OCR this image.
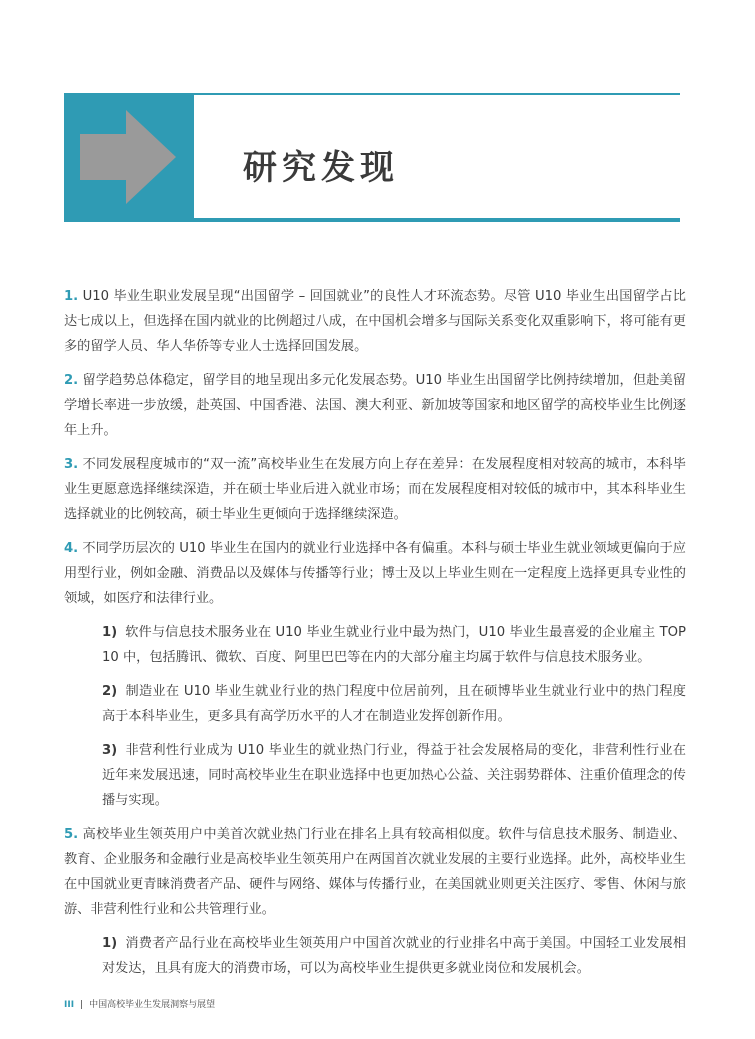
研究发现

1. U10 毕业生职业发展呈现“出国留学 – 回国就业”的良性人才环流态势。尽管 U10 毕业生出国留学占比达七成以上，但选择在国内就业的比例超过八成，在中国机会增多与国际关系变化双重影响下，将可能有更多的留学人员、华人华侨等专业人士选择回国发展。

2. 留学趋势总体稳定，留学目的地呈现出多元化发展态势。U10 毕业生出国留学比例持续增加，但赴美留学增长率进一步放缓，赴英国、中国香港、法国、澳大利亚、新加坡等国家和地区留学的高校毕业生比例逐年上升。

3. 不同发展程度城市的“双一流”高校毕业生在发展方向上存在差异：在发展程度相对较高的城市，本科毕业生更愿意选择继续深造，并在硕士毕业后进入就业市场；而在发展程度相对较低的城市中，其本科毕业生选择就业的比例较高，硕士毕业生更倾向于选择继续深造。

4. 不同学历层次的 U10 毕业生在国内的就业行业选择中各有偏重。本科与硕士毕业生就业领域更偏向于应用型行业，例如金融、消费品以及媒体与传播等行业；博士及以上毕业生则在一定程度上选择更具专业性的领域，如医疗和法律行业。

1) 软件与信息技术服务业在 U10 毕业生就业行业中最为热门，U10 毕业生最喜爱的企业雇主 TOP 10 中，包括腾讯、微软、百度、阿里巴巴等在内的大部分雇主均属于软件与信息技术服务业。

2) 制造业在 U10 毕业生就业行业的热门程度中位居前列，且在硕博毕业生就业行业中的热门程度高于本科毕业生，更多具有高学历水平的人才在制造业发挥创新作用。

3) 非营利性行业成为 U10 毕业生的就业热门行业，得益于社会发展格局的变化，非营利性行业在近年来发展迅速，同时高校毕业生在职业选择中也更加热心公益、关注弱势群体、注重价值理念的传播与实现。

5. 高校毕业生领英用户中美首次就业热门行业在排名上具有较高相似度。软件与信息技术服务、制造业、教育、企业服务和金融行业是高校毕业生领英用户在两国首次就业发展的主要行业选择。此外，高校毕业生在中国就业更青睐消费者产品、硬件与网络、媒体与传播行业，在美国就业则更关注医疗、零售、休闲与旅游、非营利性行业和公共管理行业。

1) 消费者产品行业在高校毕业生领英用户中国首次就业的行业排名中高于美国。中国轻工业发展相对发达，且具有庞大的消费市场，可以为高校毕业生提供更多就业岗位和发展机会。

III | 中国高校毕业生发展洞察与展望
